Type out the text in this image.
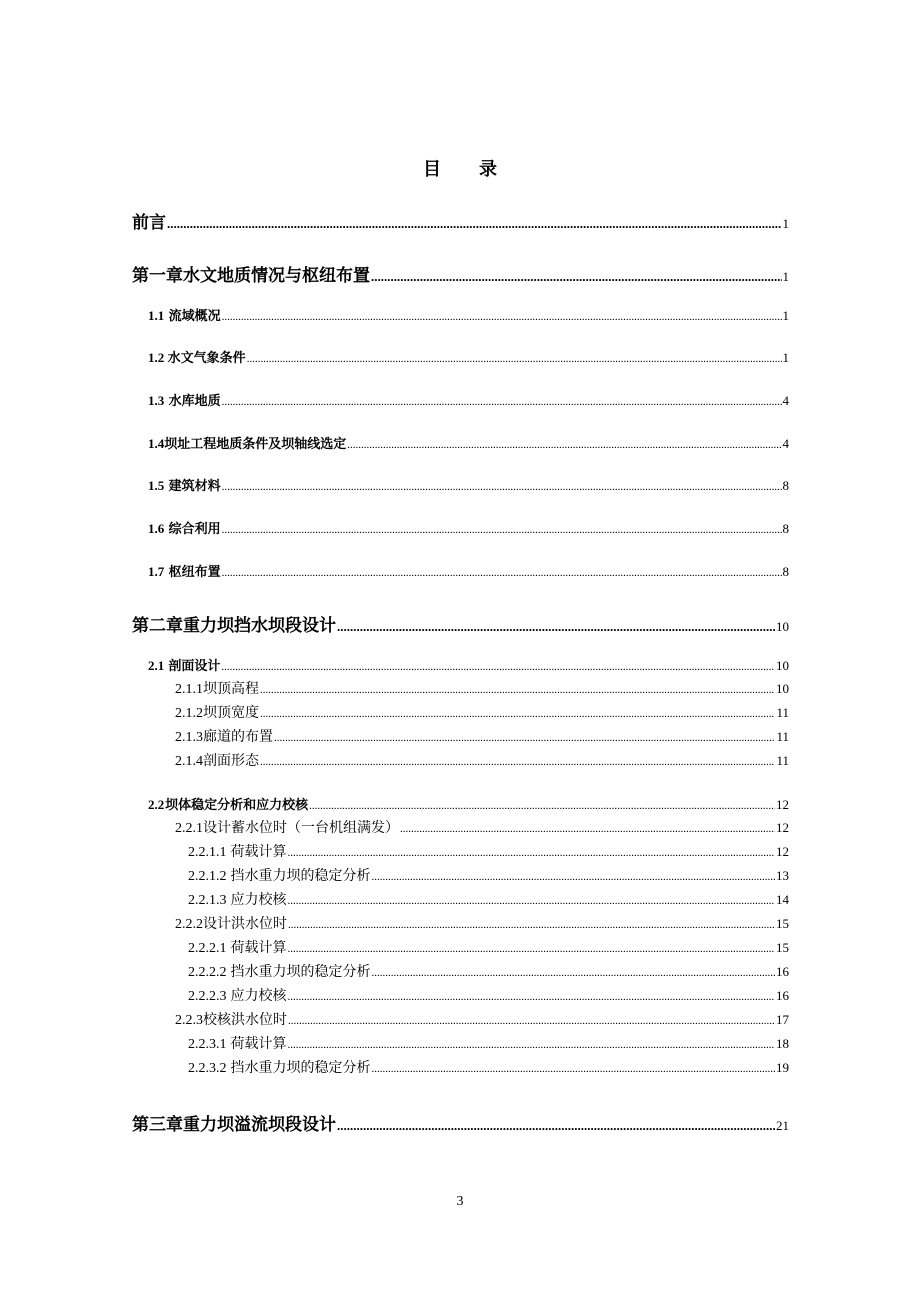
目 录
前言 .....	1
第一章 水文地质情况与枢纽布置 .....	1
1.1 流域概况 .....	1
1.2 水文气象条件 .....	1
1.3 水库地质 .....	4
1.4 坝址工程地质条件及坝轴线选定 .....	4
1.5 建筑材料 .....	8
1.6 综合利用 .....	8
1.7 枢纽布置 .....	8
第二章 重力坝挡水坝段设计 .....	10
2.1 剖面设计 .....	10
2.1.1 坝顶高程 .....	10
2.1.2 坝顶宽度 .....	11
2.1.3 廊道的布置 .....	11
2.1.4 剖面形态 .....	11
2.2 坝体稳定分析和应力校核 .....	12
2.2.1 设计蓄水位时（一台机组满发） .....	12
2.2.1.1 荷载计算 .....	12
2.2.1.2 挡水重力坝的稳定分析 .....	13
2.2.1.3 应力校核 .....	14
2.2.2 设计洪水位时 .....	15
2.2.2.1 荷载计算 .....	15
2.2.2.2 挡水重力坝的稳定分析 .....	16
2.2.2.3 应力校核 .....	16
2.2.3 校核洪水位时 .....	17
2.2.3.1 荷载计算 .....	18
2.2.3.2 挡水重力坝的稳定分析 .....	19
第三章 重力坝溢流坝段设计 .....	21
3
